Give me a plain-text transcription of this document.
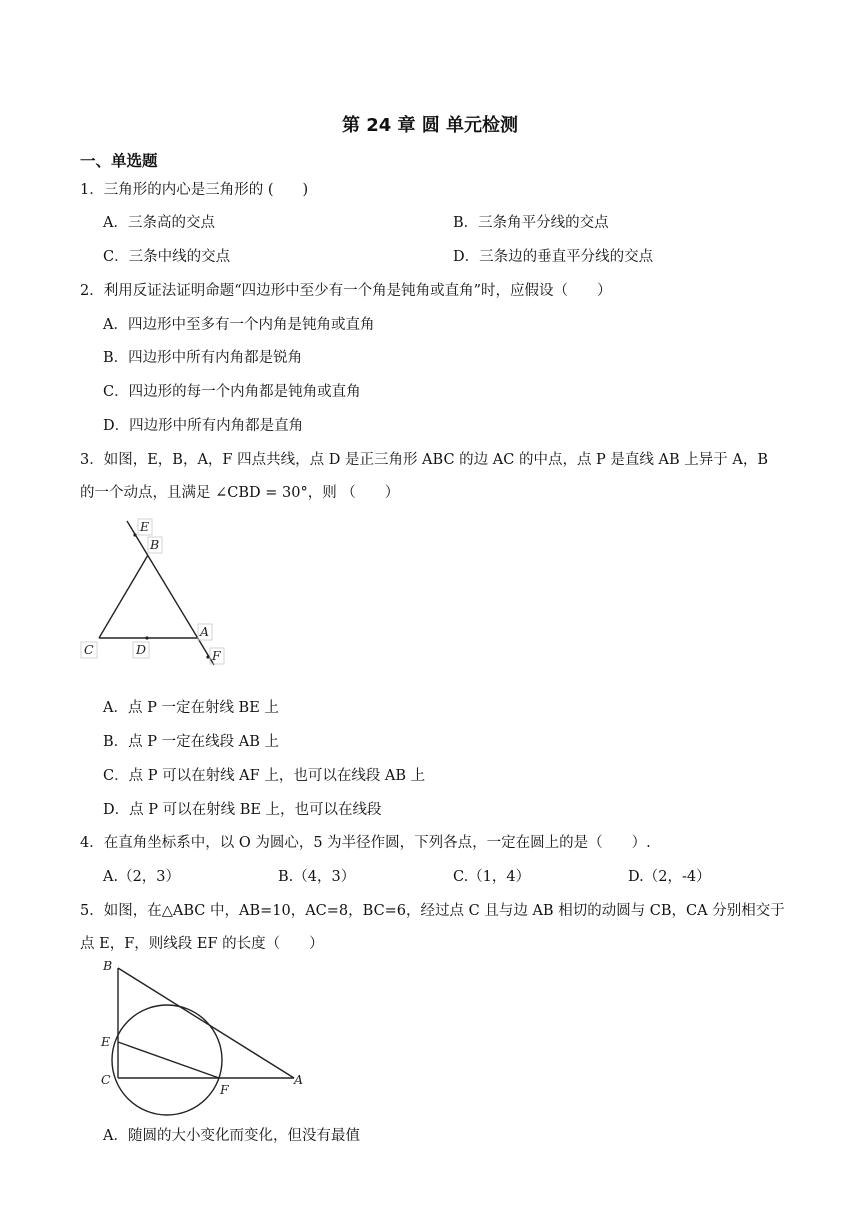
第 24 章 圆 单元检测
一、单选题
1．三角形的内心是三角形的 (　　)
A．三条高的交点	B．三条角平分线的交点
C．三条中线的交点	D．三条边的垂直平分线的交点
2．利用反证法证明命题“四边形中至少有一个角是钝角或直角”时，应假设（　　）
A．四边形中至多有一个内角是钝角或直角
B．四边形中所有内角都是锐角
C．四边形的每一个内角都是钝角或直角
D．四边形中所有内角都是直角
3．如图，E，B，A，F 四点共线，点 D 是正三角形 ABC 的边 AC 的中点，点 P 是直线 AB 上异于 A，B
的一个动点，且满足 ∠CBD = 30°，则 （　　）
E
B
A
F
C	D
A．点 P 一定在射线 BE 上
B．点 P 一定在线段 AB 上
C．点 P 可以在射线 AF 上，也可以在线段 AB 上
D．点 P 可以在射线 BE 上，也可以在线段
4．在直角坐标系中，以 O 为圆心，5 为半径作圆，下列各点，一定在圆上的是（　　）.
A.（2，3）	B.（4，3）	C.（1，4）	D.（2，-4）
5．如图，在△ABC 中，AB=10，AC=8，BC=6，经过点 C 且与边 AB 相切的动圆与 CB，CA 分别相交于
点 E，F，则线段 EF 的长度（　　）
B
E
C
F
A
A．随圆的大小变化而变化，但没有最值
